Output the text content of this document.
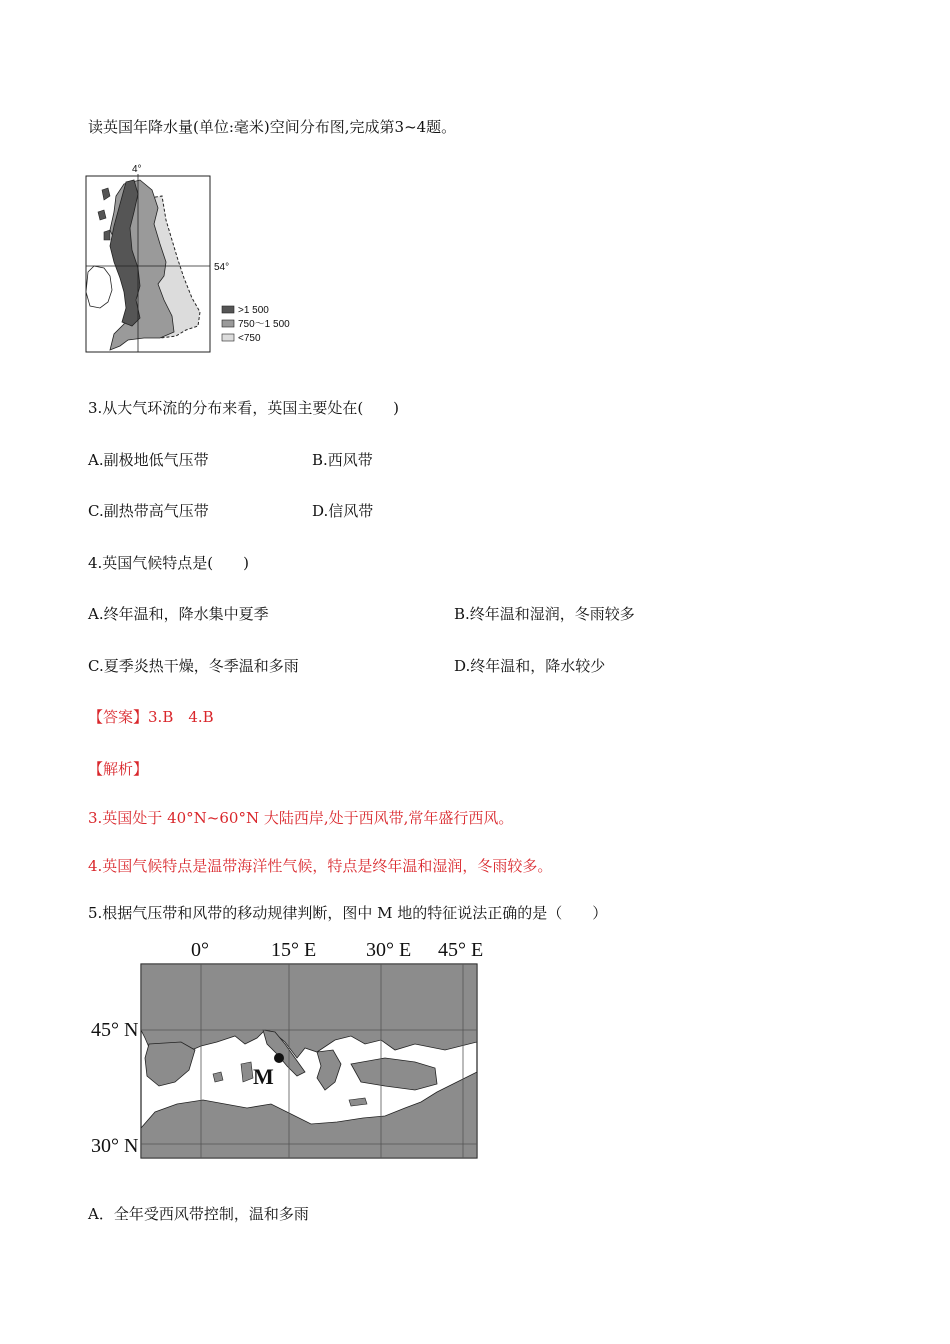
读英国年降水量(单位:毫米)空间分布图,完成第3~4题。
4°
54°
>1 500
750～1 500
<750
3.从大气环流的分布来看，英国主要处在(　　)
A.副极地低气压带	B.西风带
C.副热带高气压带	D.信风带
4.英国气候特点是(　　)
A.终年温和，降水集中夏季	B.终年温和湿润，冬雨较多
C.夏季炎热干燥，冬季温和多雨	D.终年温和，降水较少
【答案】3.B　4.B
【解析】
3.英国处于 40°N~60°N 大陆西岸,处于西风带,常年盛行西风。
4.英国气候特点是温带海洋性气候，特点是终年温和湿润，冬雨较多。
5.根据气压带和风带的移动规律判断，图中 M 地的特征说法正确的是（　　）
0°	15° E 30° E 45° E
45° N
30° N
M
A．全年受西风带控制，温和多雨
